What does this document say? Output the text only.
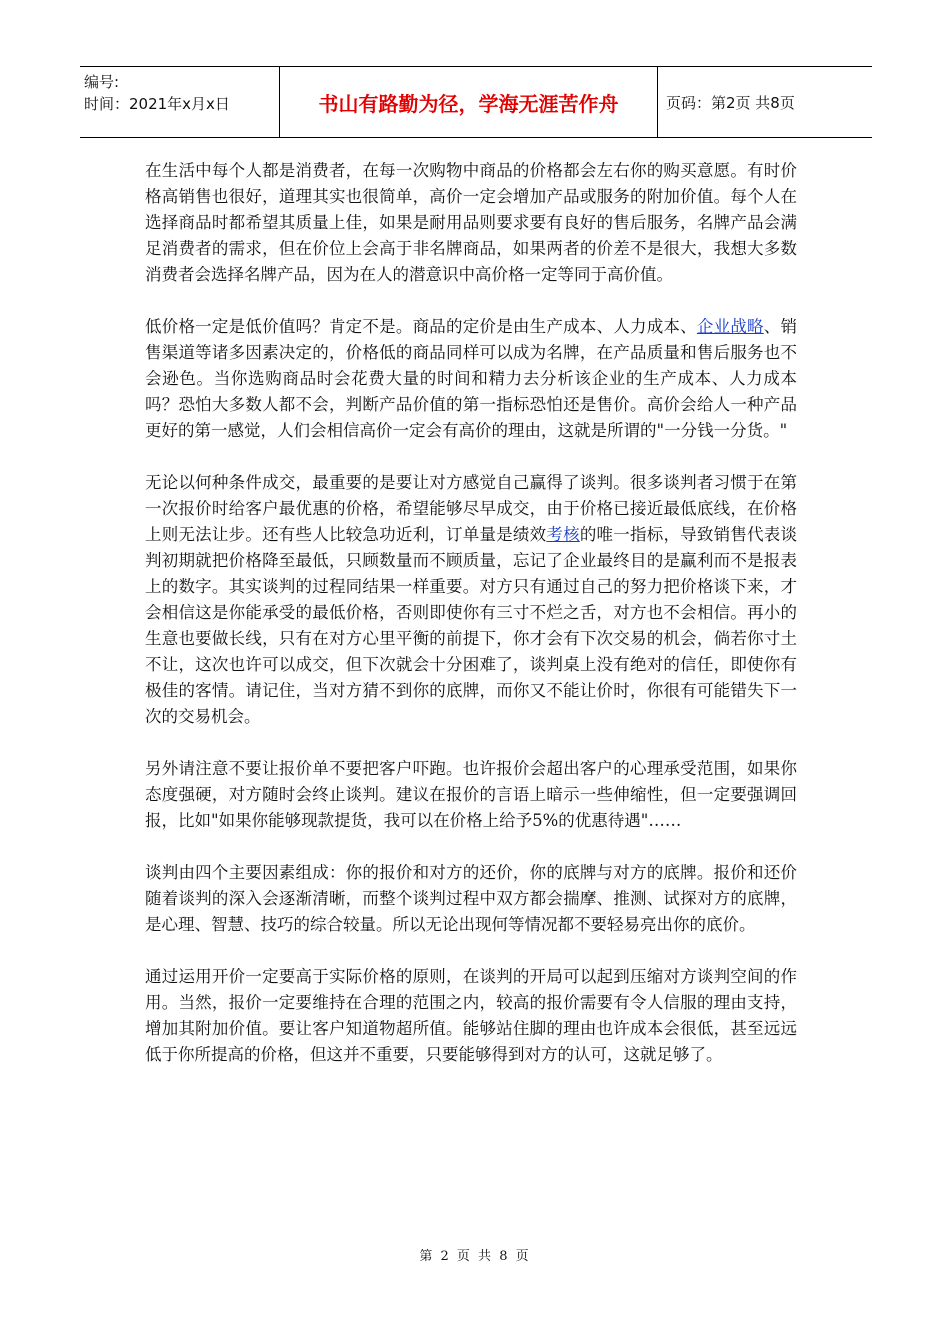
编号:
时间：2021年x月x日	书山有路勤为径，学海无涯苦作舟	页码：第2页 共8页

在生活中每个人都是消费者，在每一次购物中商品的价格都会左右你的购买意愿。有时价格高销售也很好，道理其实也很简单，高价一定会增加产品或服务的附加价值。每个人在选择商品时都希望其质量上佳，如果是耐用品则要求要有良好的售后服务，名牌产品会满足消费者的需求，但在价位上会高于非名牌商品，如果两者的价差不是很大，我想大多数消费者会选择名牌产品，因为在人的潜意识中高价格一定等同于高价值。

低价格一定是低价值吗？肯定不是。商品的定价是由生产成本、人力成本、企业战略、销售渠道等诸多因素决定的，价格低的商品同样可以成为名牌，在产品质量和售后服务也不会逊色。当你选购商品时会花费大量的时间和精力去分析该企业的生产成本、人力成本吗？恐怕大多数人都不会，判断产品价值的第一指标恐怕还是售价。高价会给人一种产品更好的第一感觉，人们会相信高价一定会有高价的理由，这就是所谓的"一分钱一分货。"

无论以何种条件成交，最重要的是要让对方感觉自己赢得了谈判。很多谈判者习惯于在第一次报价时给客户最优惠的价格，希望能够尽早成交，由于价格已接近最低底线，在价格上则无法让步。还有些人比较急功近利，订单量是绩效考核的唯一指标，导致销售代表谈判初期就把价格降至最低，只顾数量而不顾质量，忘记了企业最终目的是赢利而不是报表上的数字。其实谈判的过程同结果一样重要。对方只有通过自己的努力把价格谈下来，才会相信这是你能承受的最低价格，否则即使你有三寸不烂之舌，对方也不会相信。再小的生意也要做长线，只有在对方心里平衡的前提下，你才会有下次交易的机会，倘若你寸土不让，这次也许可以成交，但下次就会十分困难了，谈判桌上没有绝对的信任，即使你有极佳的客情。请记住，当对方猜不到你的底牌，而你又不能让价时，你很有可能错失下一次的交易机会。

另外请注意不要让报价单不要把客户吓跑。也许报价会超出客户的心理承受范围，如果你态度强硬，对方随时会终止谈判。建议在报价的言语上暗示一些伸缩性，但一定要强调回报，比如"如果你能够现款提货，我可以在价格上给予5%的优惠待遇"……

谈判由四个主要因素组成：你的报价和对方的还价，你的底牌与对方的底牌。报价和还价随着谈判的深入会逐渐清晰，而整个谈判过程中双方都会揣摩、推测、试探对方的底牌，是心理、智慧、技巧的综合较量。所以无论出现何等情况都不要轻易亮出你的底价。

通过运用开价一定要高于实际价格的原则，在谈判的开局可以起到压缩对方谈判空间的作用。当然，报价一定要维持在合理的范围之内，较高的报价需要有令人信服的理由支持，增加其附加价值。要让客户知道物超所值。能够站住脚的理由也许成本会很低，甚至远远低于你所提高的价格，但这并不重要，只要能够得到对方的认可，这就足够了。

第 2 页 共 8 页
